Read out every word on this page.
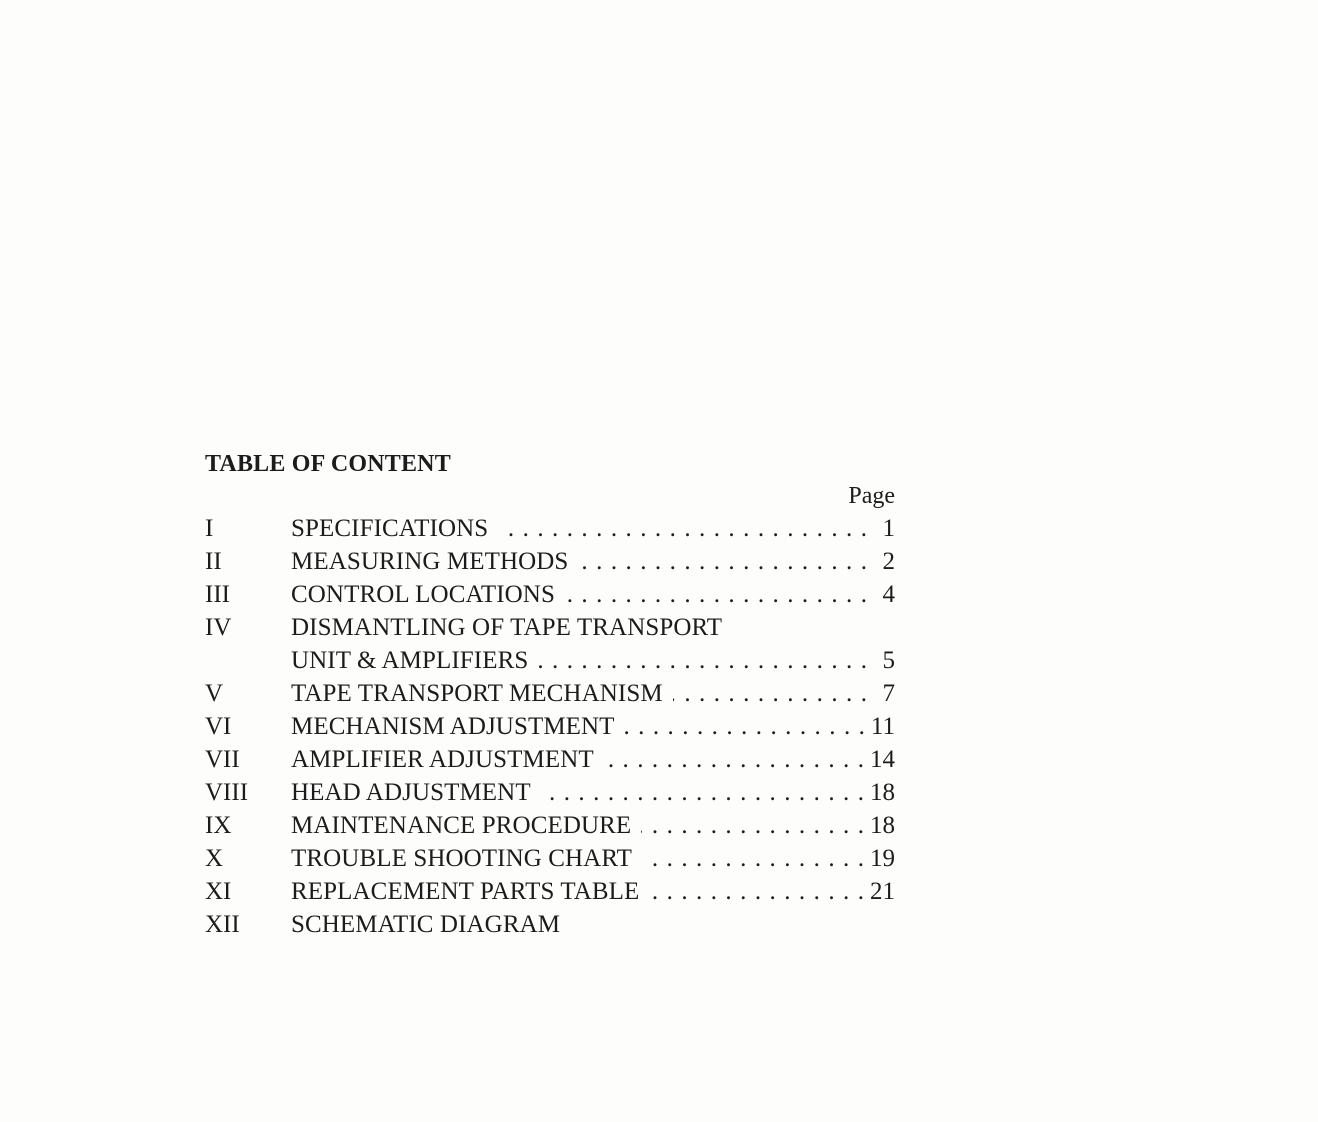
TABLE OF CONTENT
Page
I	SPECIFICATIONS . . .	1
II	MEASURING METHODS . . .	2
III	CONTROL LOCATIONS . . .	4
IV	DISMANTLING OF TAPE TRANSPORT
UNIT & AMPLIFIERS . . .	5
V	TAPE TRANSPORT MECHANISM . . .	7
VI	MECHANISM ADJUSTMENT . . .	11
VII	AMPLIFIER ADJUSTMENT . . .	14
VIII	HEAD ADJUSTMENT . . .	18
IX	MAINTENANCE PROCEDURE . . .	18
X	TROUBLE SHOOTING CHART . . .	19
XI	REPLACEMENT PARTS TABLE . . .	21
XII	SCHEMATIC DIAGRAM
